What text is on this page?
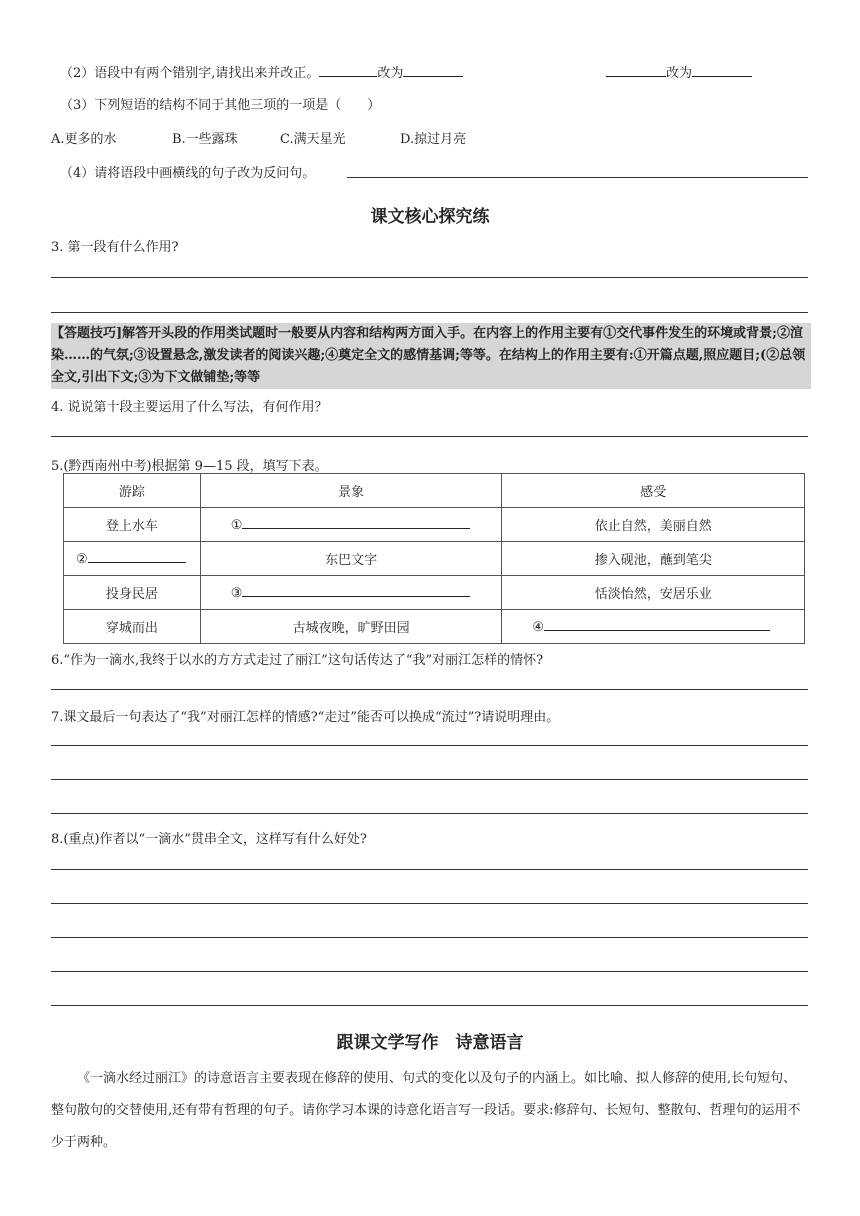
（2）语段中有两个错别字,请找出来并改正。	改为	改为
（3）下列短语的结构不同于其他三项的一项是（　　）
A.更多的水	B.一些露珠	C.满天星光	D.掠过月亮
（4）请将语段中画横线的句子改为反问句。
课文核心探究练
3. 第一段有什么作用?
【答题技巧]解答开头段的作用类试题时一般要从内容和结构两方面入手。在内容上的作用主要有①交代事件发生的环境或背景;②渲染……的气氛;③设置悬念,激发读者的阅读兴趣;④奠定全文的感情基调;等等。在结构上的作用主要有:①开篇点题,照应题目;(②总领全文,引出下文;③为下文做铺垫;等等
4. 说说第十段主要运用了什么写法，有何作用？
5.(黔西南州中考)根据第 9—15 段，填写下表。
游踪	景象	感受
登上水车	①	依止自然，美丽自然
②	东巴文字	掺入砚池，蘸到笔尖
投身民居	③	恬淡怡然，安居乐业
穿城而出	古城夜晚，旷野田园	④
6.“作为一滴水,我终于以水的方方式走过了丽江”这句话传达了“我”对丽江怎样的情怀?
7.课文最后一句表达了“我”对丽江怎样的情感?“走过”能否可以换成“流过”?请说明理由。
8.(重点)作者以“一滴水”贯串全文，这样写有什么好处?
跟课文学写作　诗意语言
《一滴水经过丽江》的诗意语言主要表现在修辞的使用、句式的变化以及句子的内涵上。如比喻、拟人修辞的使用,长句短句、整句散句的交替使用,还有带有哲理的句子。请你学习本课的诗意化语言写一段话。要求:修辞句、长短句、整散句、哲理句的运用不少于两种。
